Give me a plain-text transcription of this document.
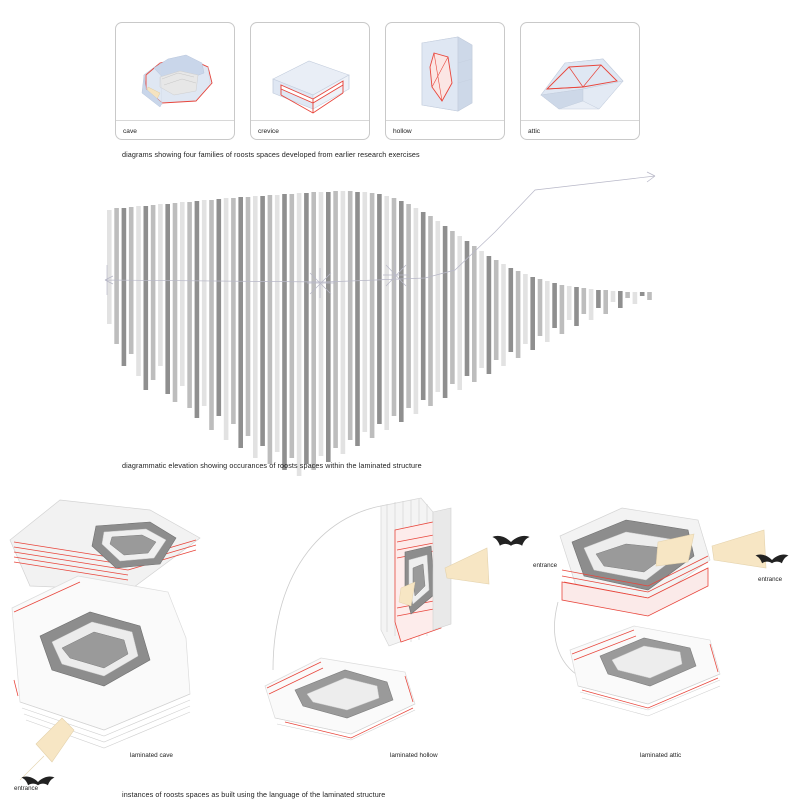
cave	crevice	hollow	attic
diagrams showing four families of roosts spaces developed from earlier research exercises
diagrammatic elevation showing occurances of roosts spaces within the laminated structure
entrance
laminated cave
entrance
laminated hollow
entrance
laminated attic
instances of roosts spaces as built using the language of the laminated structure
